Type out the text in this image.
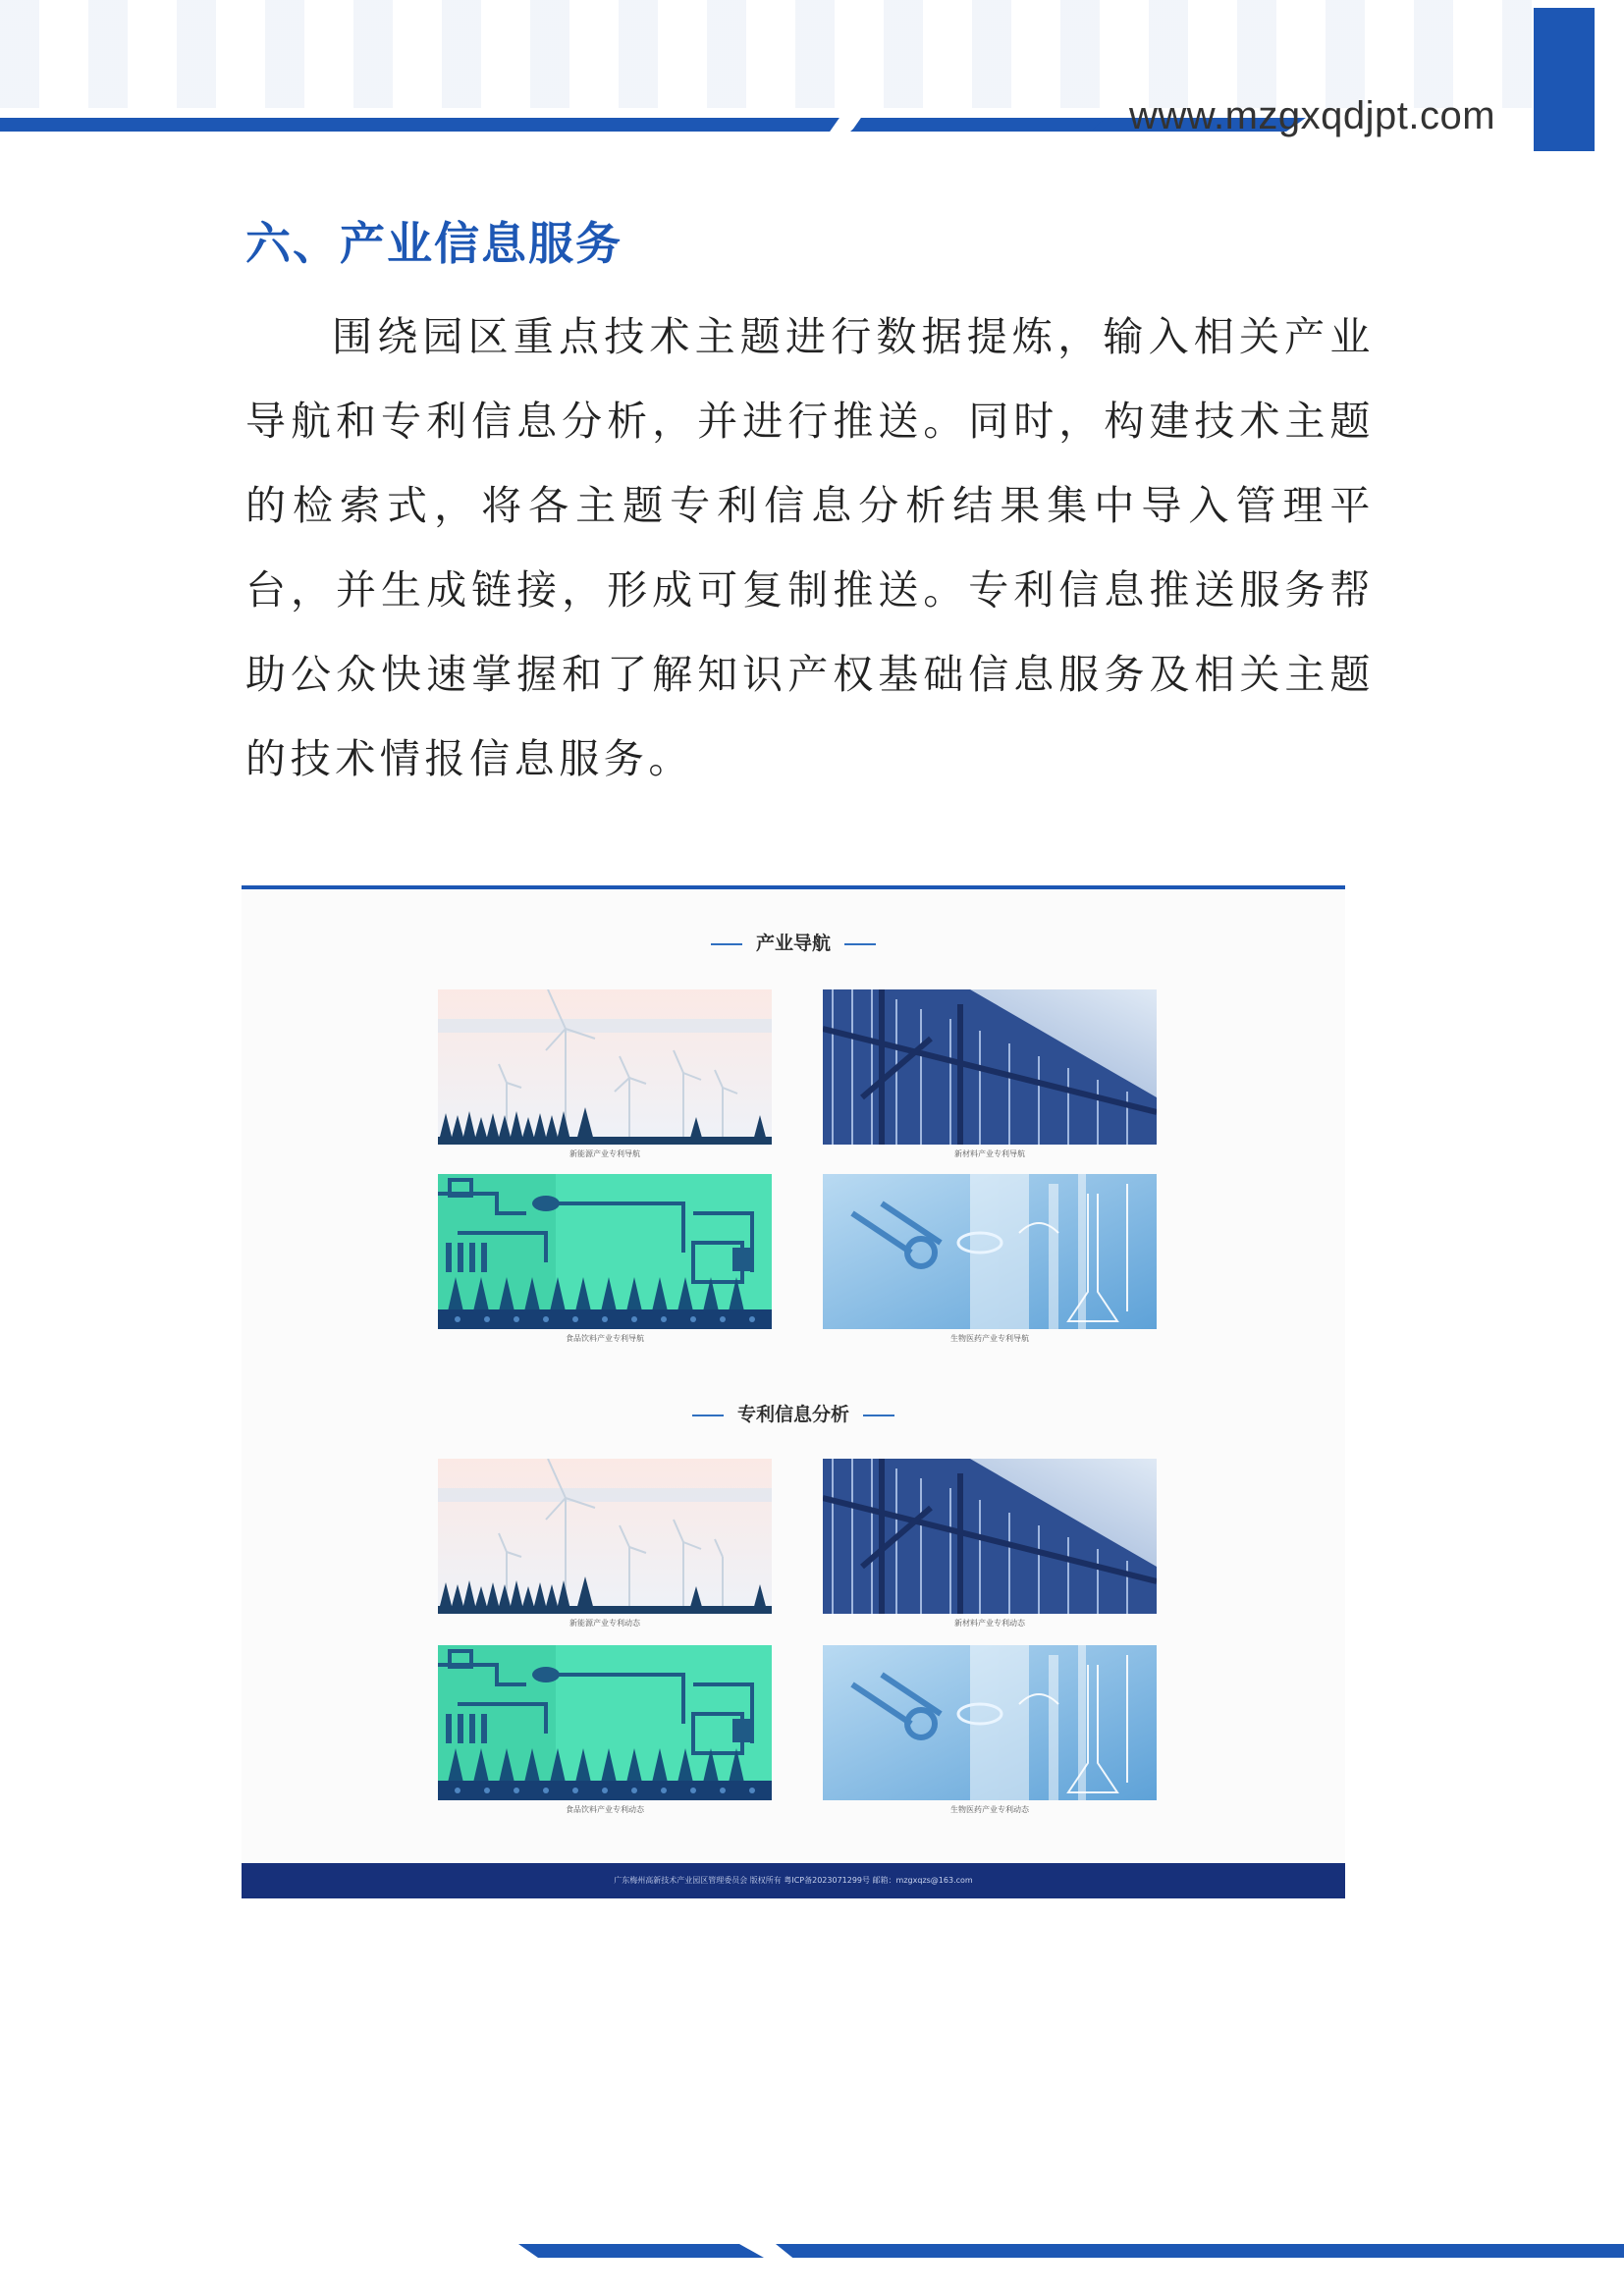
www.mzgxqdjpt.com
六、产业信息服务
围绕园区重点技术主题进行数据提炼，输入相关产业导航和专利信息分析，并进行推送。同时，构建技术主题的检索式，将各主题专利信息分析结果集中导入管理平台，并生成链接，形成可复制推送。专利信息推送服务帮助公众快速掌握和了解知识产权基础信息服务及相关主题的技术情报信息服务。
产业导航
新能源产业专利导航	新材料产业专利导航
食品饮料产业专利导航	生物医药产业专利导航
专利信息分析
新能源产业专利动态	新材料产业专利动态
食品饮料产业专利动态	生物医药产业专利动态
广东梅州高新技术产业园区管理委员会 版权所有 粤ICP备2023071299号 邮箱：mzgxqzs@163.com
